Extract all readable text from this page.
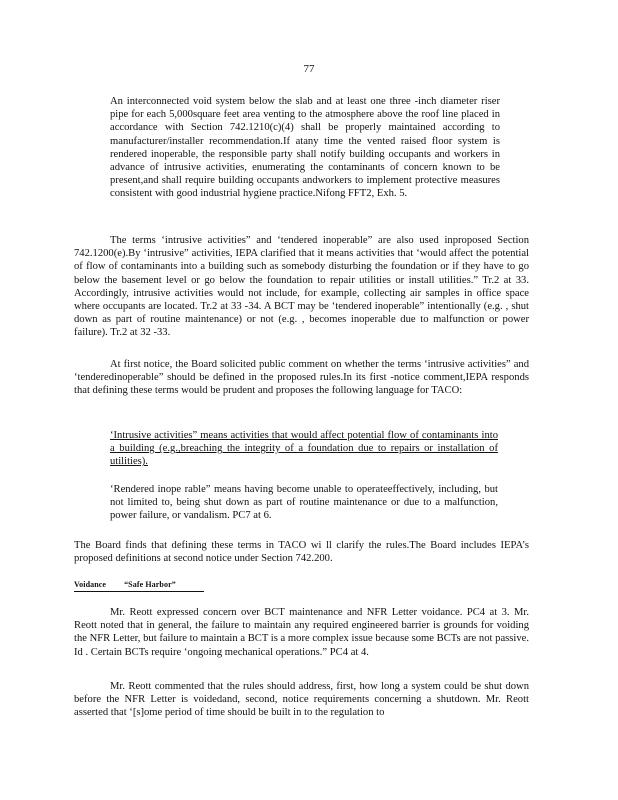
77

An interconnected void system below the slab and at least one three -inch diameter riser pipe for each 5,000square feet area venting to the atmosphere above the roof line placed in accordance with Section 742.1210(c)(4) shall be properly maintained according to manufacturer/installer recommendation.If atany time the vented raised floor system is rendered inoperable, the responsible party shall notify building occupants and workers in advance of intrusive activities, enumerating the contaminants of concern known to be present,and shall require building occupants andworkers to implement protective measures consistent with good industrial hygiene practice.Nifong FFT2, Exh. 5.

The terms ‘intrusive activities” and ‘tendered inoperable” are also used inproposed Section 742.1200(e).By ‘intrusive” activities, IEPA clarified that it means activities that ‘would affect the potential of flow of contaminants into a building such as somebody disturbing the foundation or if they have to go below the basement level or go below the foundation to repair utilities or install utilities.” Tr.2 at 33. Accordingly, intrusive activities would not include, for example, collecting air samples in office space where occupants are located. Tr.2 at 33 -34. A BCT may be ‘tendered inoperable” intentionally (e.g. , shut down as part of routine maintenance) or not (e.g. , becomes inoperable due to malfunction or power failure). Tr.2 at 32 -33.

At first notice, the Board solicited public comment on whether the terms ‘intrusive activities” and ‘tenderedinoperable” should be defined in the proposed rules.In its first -notice comment,IEPA responds that defining these terms would be prudent and proposes the following language for TACO:

‘Intrusive activities” means activities that would affect potential flow of contaminants into a building (e.g.,breaching the integrity of a foundation due to repairs or installation of utilities).

‘Rendered inope rable” means having become unable to operateeffectively, including, but not limited to, being shut down as part of routine maintenance or due to a malfunction, power failure, or vandalism. PC7 at 6.

The Board finds that defining these terms in TACO wi ll clarify the rules.The Board includes IEPA’s proposed definitions at second notice under Section 742.200.

Voidance “Safe Harbor”

Mr. Reott expressed concern over BCT maintenance and NFR Letter voidance. PC4 at 3. Mr. Reott noted that in general, the failure to maintain any required engineered barrier is grounds for voiding the NFR Letter, but failure to maintain a BCT is a more complex issue because some BCTs are not passive. Id . Certain BCTs require ‘ongoing mechanical operations.” PC4 at 4.

Mr. Reott commented that the rules should address, first, how long a system could be shut down before the NFR Letter is voidedand, second, notice requirements concerning a shutdown. Mr. Reott asserted that ‘[s]ome period of time should be built in to the regulation to
